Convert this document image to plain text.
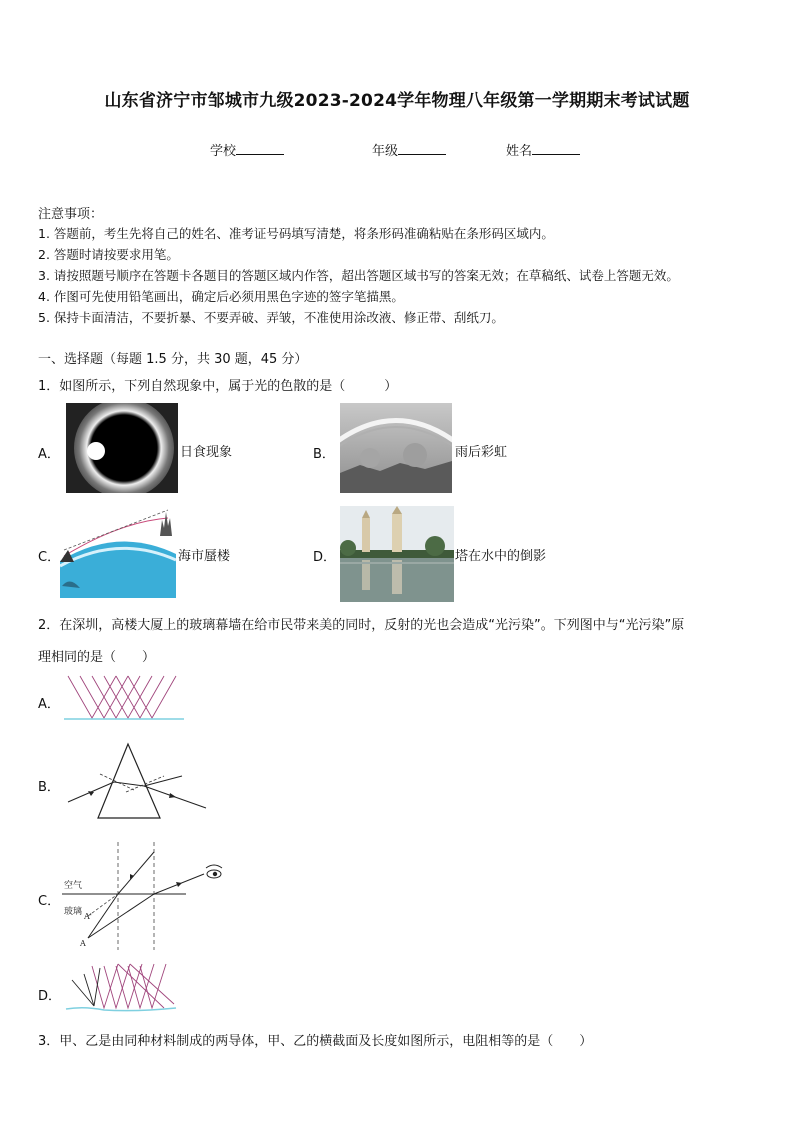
山东省济宁市邹城市九级2023-2024学年物理八年级第一学期期末考试试题
学校	年级	姓名
注意事项：
1. 答题前，考生先将自己的姓名、准考证号码填写清楚，将条形码准确粘贴在条形码区域内。
2. 答题时请按要求用笔。
3. 请按照题号顺序在答题卡各题目的答题区域内作答，超出答题区域书写的答案无效；在草稿纸、试卷上答题无效。
4. 作图可先使用铅笔画出，确定后必须用黑色字迹的签字笔描黑。
5. 保持卡面清洁，不要折暴、不要弄破、弄皱，不准使用涂改液、修正带、刮纸刀。
一、选择题（每题 1.5 分，共 30 题，45 分）
1．如图所示，下列自然现象中，属于光的色散的是（　　　）
A．	日食现象	B．	雨后彩虹
C．	海市蜃楼	D．	塔在水中的倒影
2．在深圳，高楼大厦上的玻璃幕墙在给市民带来美的同时，反射的光也会造成“光污染”。下列图中与“光污染”原
理相同的是（　　）
A．
B．
C．
空气
玻璃 A'
A
D．
3．甲、乙是由同种材料制成的两导体，甲、乙的横截面及长度如图所示，电阻相等的是（　　）
